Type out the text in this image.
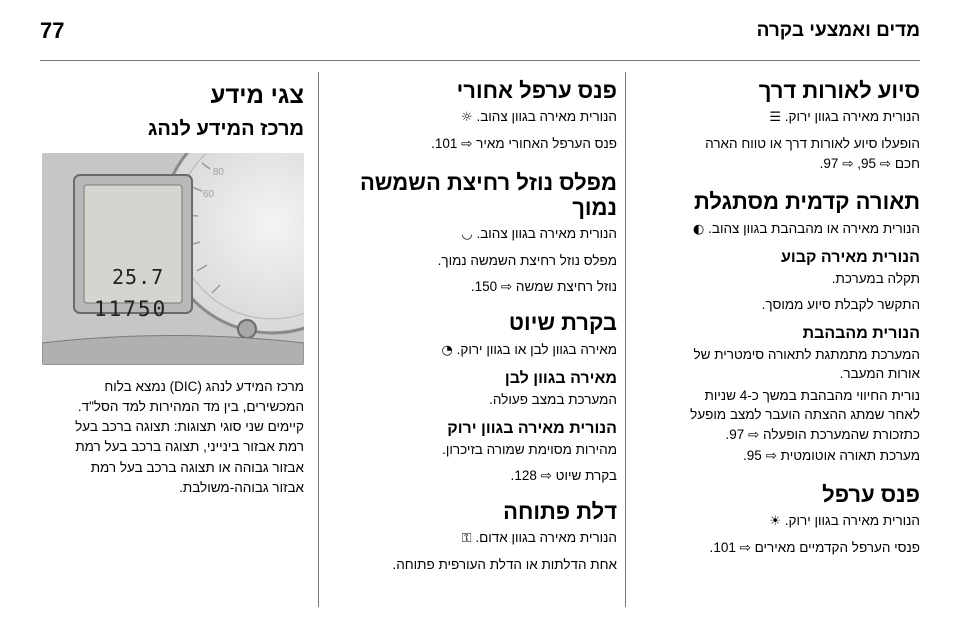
מדים ואמצעי בקרה
77
סיוע לאורות דרך

הנורית מאירה בגוון ירוק. ☰

הופעלו סיוע לאורות דרך או טווח הארה
חכם ⇨ 95, ⇨ 97.

תאורה קדמית מסתגלת

הנורית מאירה או מהבהבת בגוון צהוב. ◐

הנורית מאירה קבוע

תקלה במערכת.

התקשר לקבלת סיוע ממוסך.

הנורית מהבהבת

המערכת מתמתגת לתאורה סימטרית של
אורות המעבר.

נורית החיווי מהבהבת במשך כ-4 שניות
לאחר שמתג ההצתה הועבר למצב מופעל
כתזכורת שהמערכת הופעלה ⇨ 97.

מערכת תאורה אוטומטית ⇨ 95.

פנס ערפל

הנורית מאירה בגוון ירוק. ☀

פנסי הערפל הקדמיים מאירים ⇨ 101.

פנס ערפל אחורי

הנורית מאירה בגוון צהוב. ☼

פנס הערפל האחורי מאיר ⇨ 101.

מפלס נוזל רחיצת השמשה
נמוך

הנורית מאירה בגוון צהוב. ◡

מפלס נוזל רחיצת השמשה נמוך.

נוזל רחיצת שמשה ⇨ 150.

בקרת שיוט

מאירה בגוון לבן או בגוון ירוק. ◔

מאירה בגוון לבן

המערכת במצב פעולה.

הנורית מאירה בגוון ירוק

מהירות מסוימת שמורה בזיכרון.

בקרת שיוט ⇨ 128.

דלת פתוחה

הנורית מאירה בגוון אדום. ⚿

אחת הדלתות או הדלת העורפית פתוחה.

צגי מידע
מרכז המידע לנהג
80
60
25.7
11750
מרכז המידע לנהג (DIC) נמצא בלוח
המכשירים, בין מד המהירות למד הסל"ד.
קיימים שני סוגי תצוגות: תצוגה ברכב בעל
רמת אבזור בינייני, תצוגה ברכב בעל רמת
אבזור גבוהה או תצוגה ברכב בעל רמת
אבזור גבוהה-משולבת.
